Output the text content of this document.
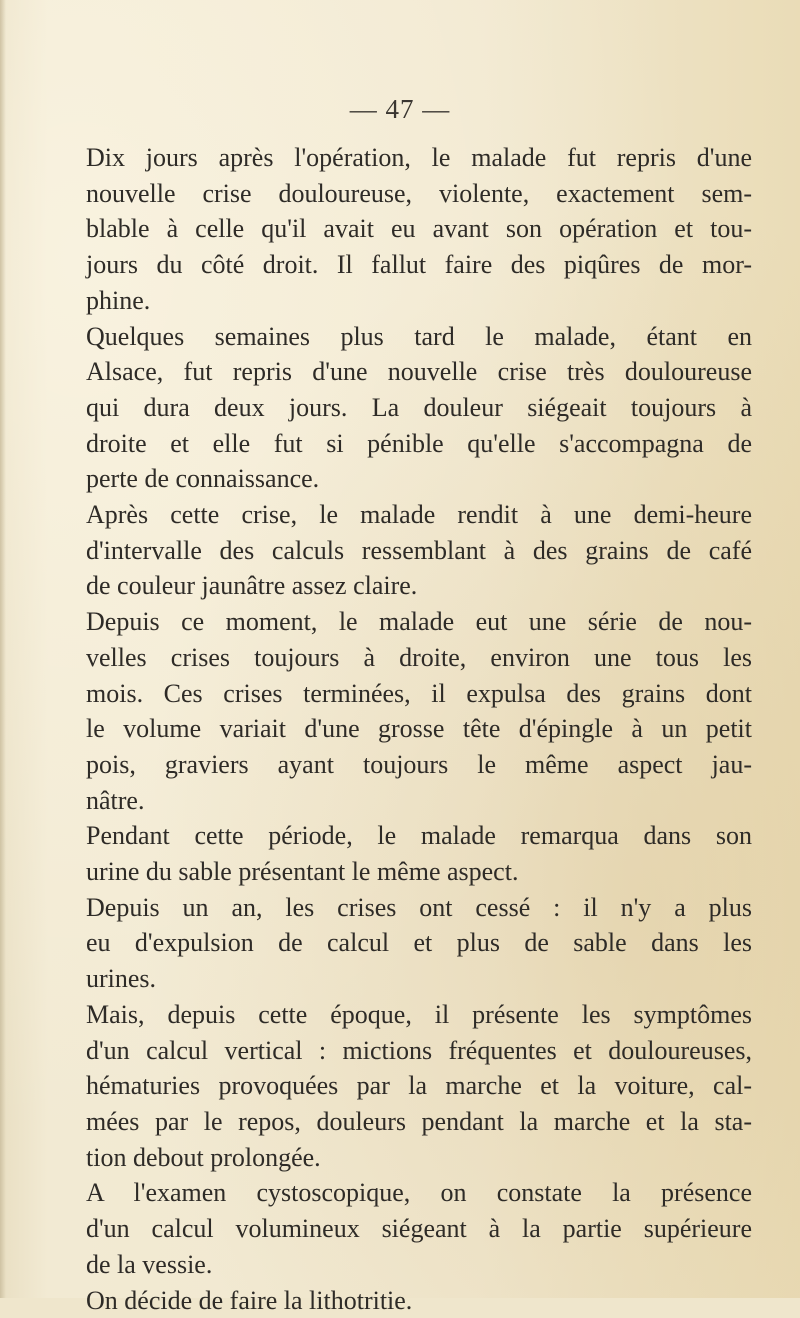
— 47 —

Dix jours après l'opération, le malade fut repris d'une
nouvelle crise douloureuse, violente, exactement sem-
blable à celle qu'il avait eu avant son opération et tou-
jours du côté droit. Il fallut faire des piqûres de mor-
phine.

Quelques semaines plus tard le malade, étant en
Alsace, fut repris d'une nouvelle crise très douloureuse
qui dura deux jours. La douleur siégeait toujours à
droite et elle fut si pénible qu'elle s'accompagna de
perte de connaissance.

Après cette crise, le malade rendit à une demi-heure
d'intervalle des calculs ressemblant à des grains de café
de couleur jaunâtre assez claire.

Depuis ce moment, le malade eut une série de nou-
velles crises toujours à droite, environ une tous les
mois. Ces crises terminées, il expulsa des grains dont
le volume variait d'une grosse tête d'épingle à un petit
pois, graviers ayant toujours le même aspect jau-
nâtre.

Pendant cette période, le malade remarqua dans son
urine du sable présentant le même aspect.

Depuis un an, les crises ont cessé : il n'y a plus
eu d'expulsion de calcul et plus de sable dans les
urines.

Mais, depuis cette époque, il présente les symptômes
d'un calcul vertical : mictions fréquentes et douloureuses,
hématuries provoquées par la marche et la voiture, cal-
mées par le repos, douleurs pendant la marche et la sta-
tion debout prolongée.

A l'examen cystoscopique, on constate la présence
d'un calcul volumineux siégeant à la partie supérieure
de la vessie.

On décide de faire la lithotritie.
